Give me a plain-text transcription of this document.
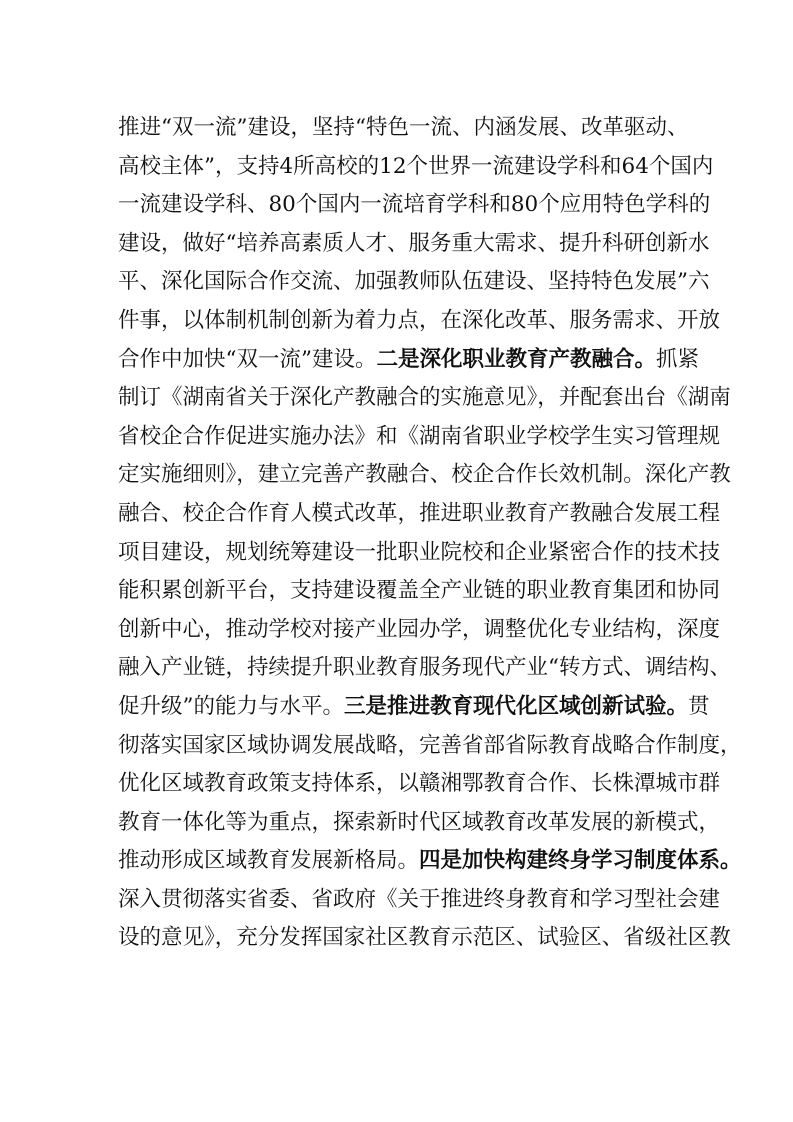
推进“双一流”建设，坚持“特色一流、内涵发展、改革驱动、
高校主体”，支持4所高校的12个世界一流建设学科和64个国内
一流建设学科、80个国内一流培育学科和80个应用特色学科的
建设，做好“培养高素质人才、服务重大需求、提升科研创新水
平、深化国际合作交流、加强教师队伍建设、坚持特色发展”六
件事，以体制机制创新为着力点，在深化改革、服务需求、开放
合作中加快“双一流”建设。二是深化职业教育产教融合。抓紧
制订《湖南省关于深化产教融合的实施意见》，并配套出台《湖南
省校企合作促进实施办法》和《湖南省职业学校学生实习管理规
定实施细则》，建立完善产教融合、校企合作长效机制。深化产教
融合、校企合作育人模式改革，推进职业教育产教融合发展工程
项目建设，规划统筹建设一批职业院校和企业紧密合作的技术技
能积累创新平台，支持建设覆盖全产业链的职业教育集团和协同
创新中心，推动学校对接产业园办学，调整优化专业结构，深度
融入产业链，持续提升职业教育服务现代产业“转方式、调结构、
促升级”的能力与水平。三是推进教育现代化区域创新试验。贯
彻落实国家区域协调发展战略，完善省部省际教育战略合作制度，
优化区域教育政策支持体系，以赣湘鄂教育合作、长株潭城市群
教育一体化等为重点，探索新时代区域教育改革发展的新模式，
推动形成区域教育发展新格局。四是加快构建终身学习制度体系。
深入贯彻落实省委、省政府《关于推进终身教育和学习型社会建
设的意见》，充分发挥国家社区教育示范区、试验区、省级社区教
